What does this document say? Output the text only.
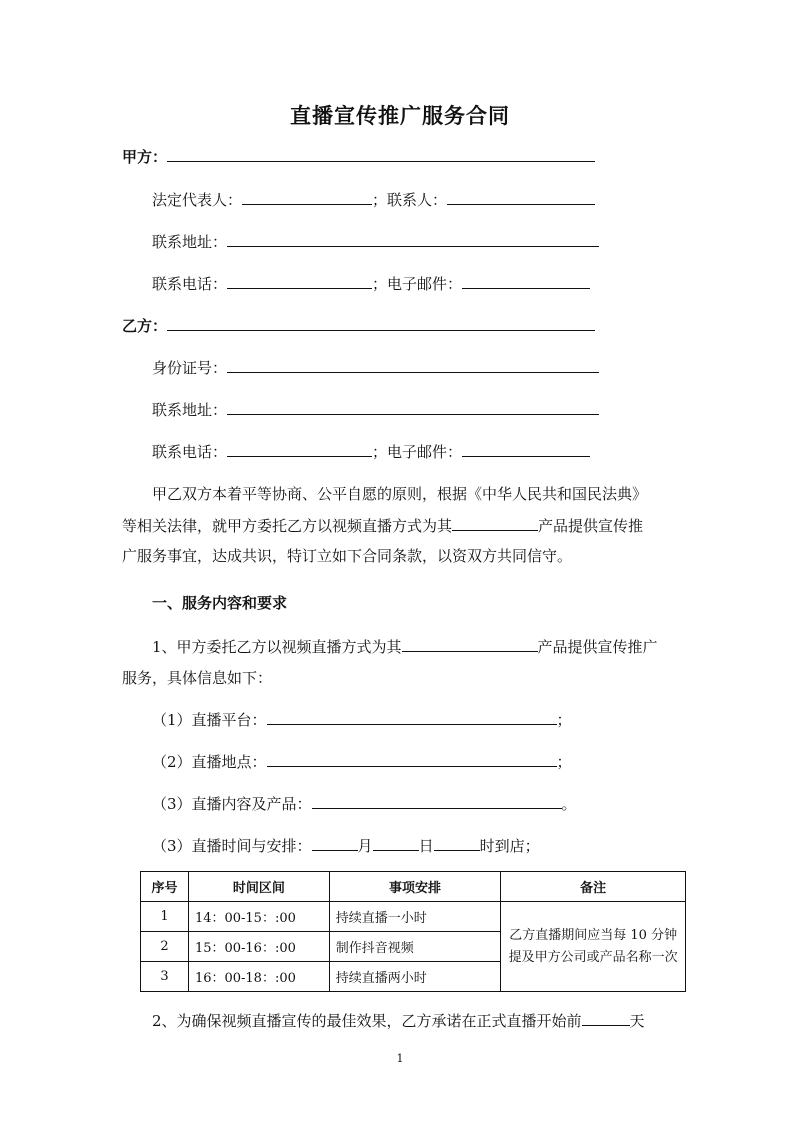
直播宣传推广服务合同
甲方：
法定代表人：	；联系人：
联系地址：
联系电话：	；电子邮件：
乙方：
身份证号：
联系地址：
联系电话：	；电子邮件：
甲乙双方本着平等协商、公平自愿的原则，根据《中华人民共和国民法典》
等相关法律，就甲方委托乙方以视频直播方式为其	产品提供宣传推
广服务事宜，达成共识，特订立如下合同条款，以资双方共同信守。
一、服务内容和要求
1、甲方委托乙方以视频直播方式为其	产品提供宣传推广
服务，具体信息如下：
（1）直播平台：	；
（2）直播地点：	；
（3）直播内容及产品：	。
（3）直播时间与安排：	月	日	时到店；
序号	时间区间	事项安排	备注
1	14：00-15：:00	持续直播一小时	乙方直播期间应当每 10 分钟提及甲方公司或产品名称一次
2	15：00-16：:00	制作抖音视频	
3	16：00-18：:00	持续直播两小时	
2、为确保视频直播宣传的最佳效果，乙方承诺在正式直播开始前	天
1
